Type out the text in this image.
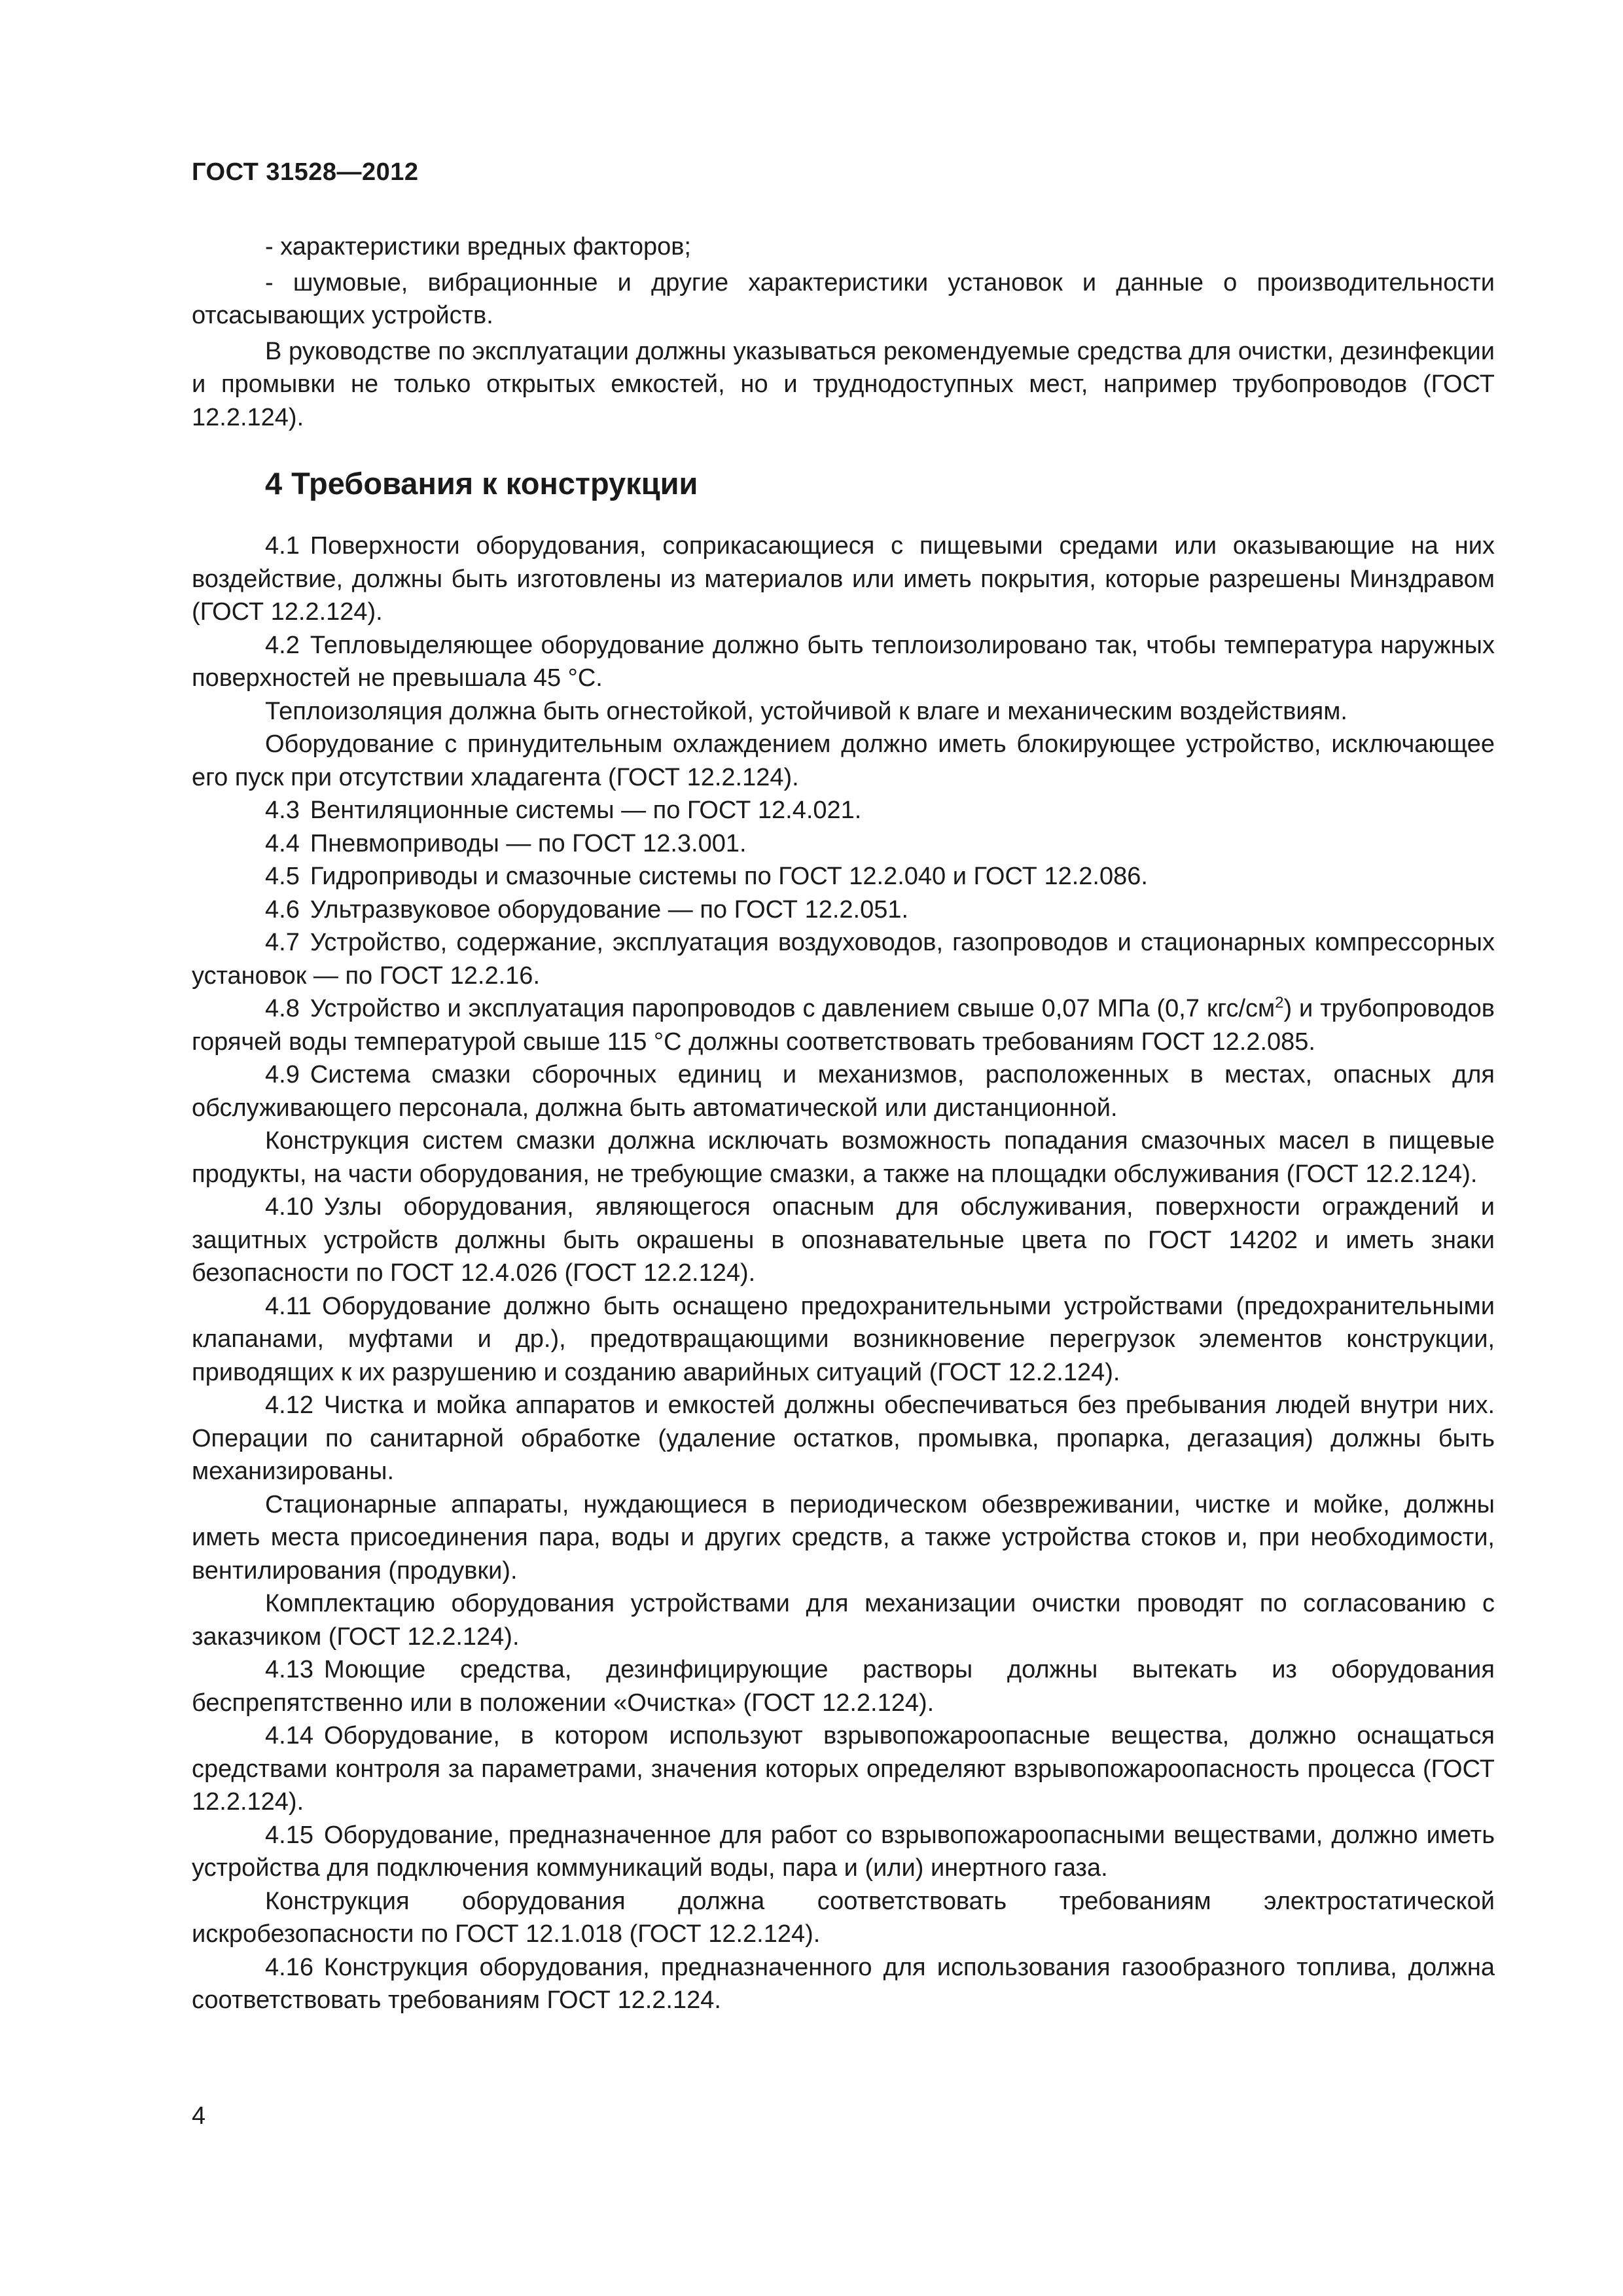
ГОСТ 31528—2012

- характеристики вредных факторов;

- шумовые, вибрационные и другие характеристики установок и данные о производительности отсасывающих устройств.

В руководстве по эксплуатации должны указываться рекомендуемые средства для очистки, дезинфекции и промывки не только открытых емкостей, но и труднодоступных мест, например трубопроводов (ГОСТ 12.2.124).

4 Требования к конструкции

4.1 Поверхности оборудования, соприкасающиеся с пищевыми средами или оказывающие на них воздействие, должны быть изготовлены из материалов или иметь покрытия, которые разрешены Минздравом (ГОСТ 12.2.124).

4.2 Тепловыделяющее оборудование должно быть теплоизолировано так, чтобы температура наружных поверхностей не превышала 45 °С.

Теплоизоляция должна быть огнестойкой, устойчивой к влаге и механическим воздействиям.

Оборудование с принудительным охлаждением должно иметь блокирующее устройство, исключающее его пуск при отсутствии хладагента (ГОСТ 12.2.124).

4.3 Вентиляционные системы — по ГОСТ 12.4.021.

4.4 Пневмоприводы — по ГОСТ 12.3.001.

4.5 Гидроприводы и смазочные системы по ГОСТ 12.2.040 и ГОСТ 12.2.086.

4.6 Ультразвуковое оборудование — по ГОСТ 12.2.051.

4.7 Устройство, содержание, эксплуатация воздуховодов, газопроводов и стационарных компрессорных установок — по ГОСТ 12.2.16.

4.8 Устройство и эксплуатация паропроводов с давлением свыше 0,07 МПа (0,7 кгс/$см^2$) и трубопроводов горячей воды температурой свыше 115 °С должны соответствовать требованиям ГОСТ 12.2.085.

4.9 Система смазки сборочных единиц и механизмов, расположенных в местах, опасных для обслуживающего персонала, должна быть автоматической или дистанционной.

Конструкция систем смазки должна исключать возможность попадания смазочных масел в пищевые продукты, на части оборудования, не требующие смазки, а также на площадки обслуживания (ГОСТ 12.2.124).

4.10 Узлы оборудования, являющегося опасным для обслуживания, поверхности ограждений и защитных устройств должны быть окрашены в опознавательные цвета по ГОСТ 14202 и иметь знаки безопасности по ГОСТ 12.4.026 (ГОСТ 12.2.124).

4.11 Оборудование должно быть оснащено предохранительными устройствами (предохранительными клапанами, муфтами и др.), предотвращающими возникновение перегрузок элементов конструкции, приводящих к их разрушению и созданию аварийных ситуаций (ГОСТ 12.2.124).

4.12 Чистка и мойка аппаратов и емкостей должны обеспечиваться без пребывания людей внутри них. Операции по санитарной обработке (удаление остатков, промывка, пропарка, дегазация) должны быть механизированы.

Стационарные аппараты, нуждающиеся в периодическом обезвреживании, чистке и мойке, должны иметь места присоединения пара, воды и других средств, а также устройства стоков и, при необходимости, вентилирования (продувки).

Комплектацию оборудования устройствами для механизации очистки проводят по согласованию с заказчиком (ГОСТ 12.2.124).

4.13 Моющие средства, дезинфицирующие растворы должны вытекать из оборудования беспрепятственно или в положении «Очистка» (ГОСТ 12.2.124).

4.14 Оборудование, в котором используют взрывопожароопасные вещества, должно оснащаться средствами контроля за параметрами, значения которых определяют взрывопожароопасность процесса (ГОСТ 12.2.124).

4.15 Оборудование, предназначенное для работ со взрывопожароопасными веществами, должно иметь устройства для подключения коммуникаций воды, пара и (или) инертного газа.

Конструкция оборудования должна соответствовать требованиям электростатической искробезопасности по ГОСТ 12.1.018 (ГОСТ 12.2.124).

4.16 Конструкция оборудования, предназначенного для использования газообразного топлива, должна соответствовать требованиям ГОСТ 12.2.124.

4
